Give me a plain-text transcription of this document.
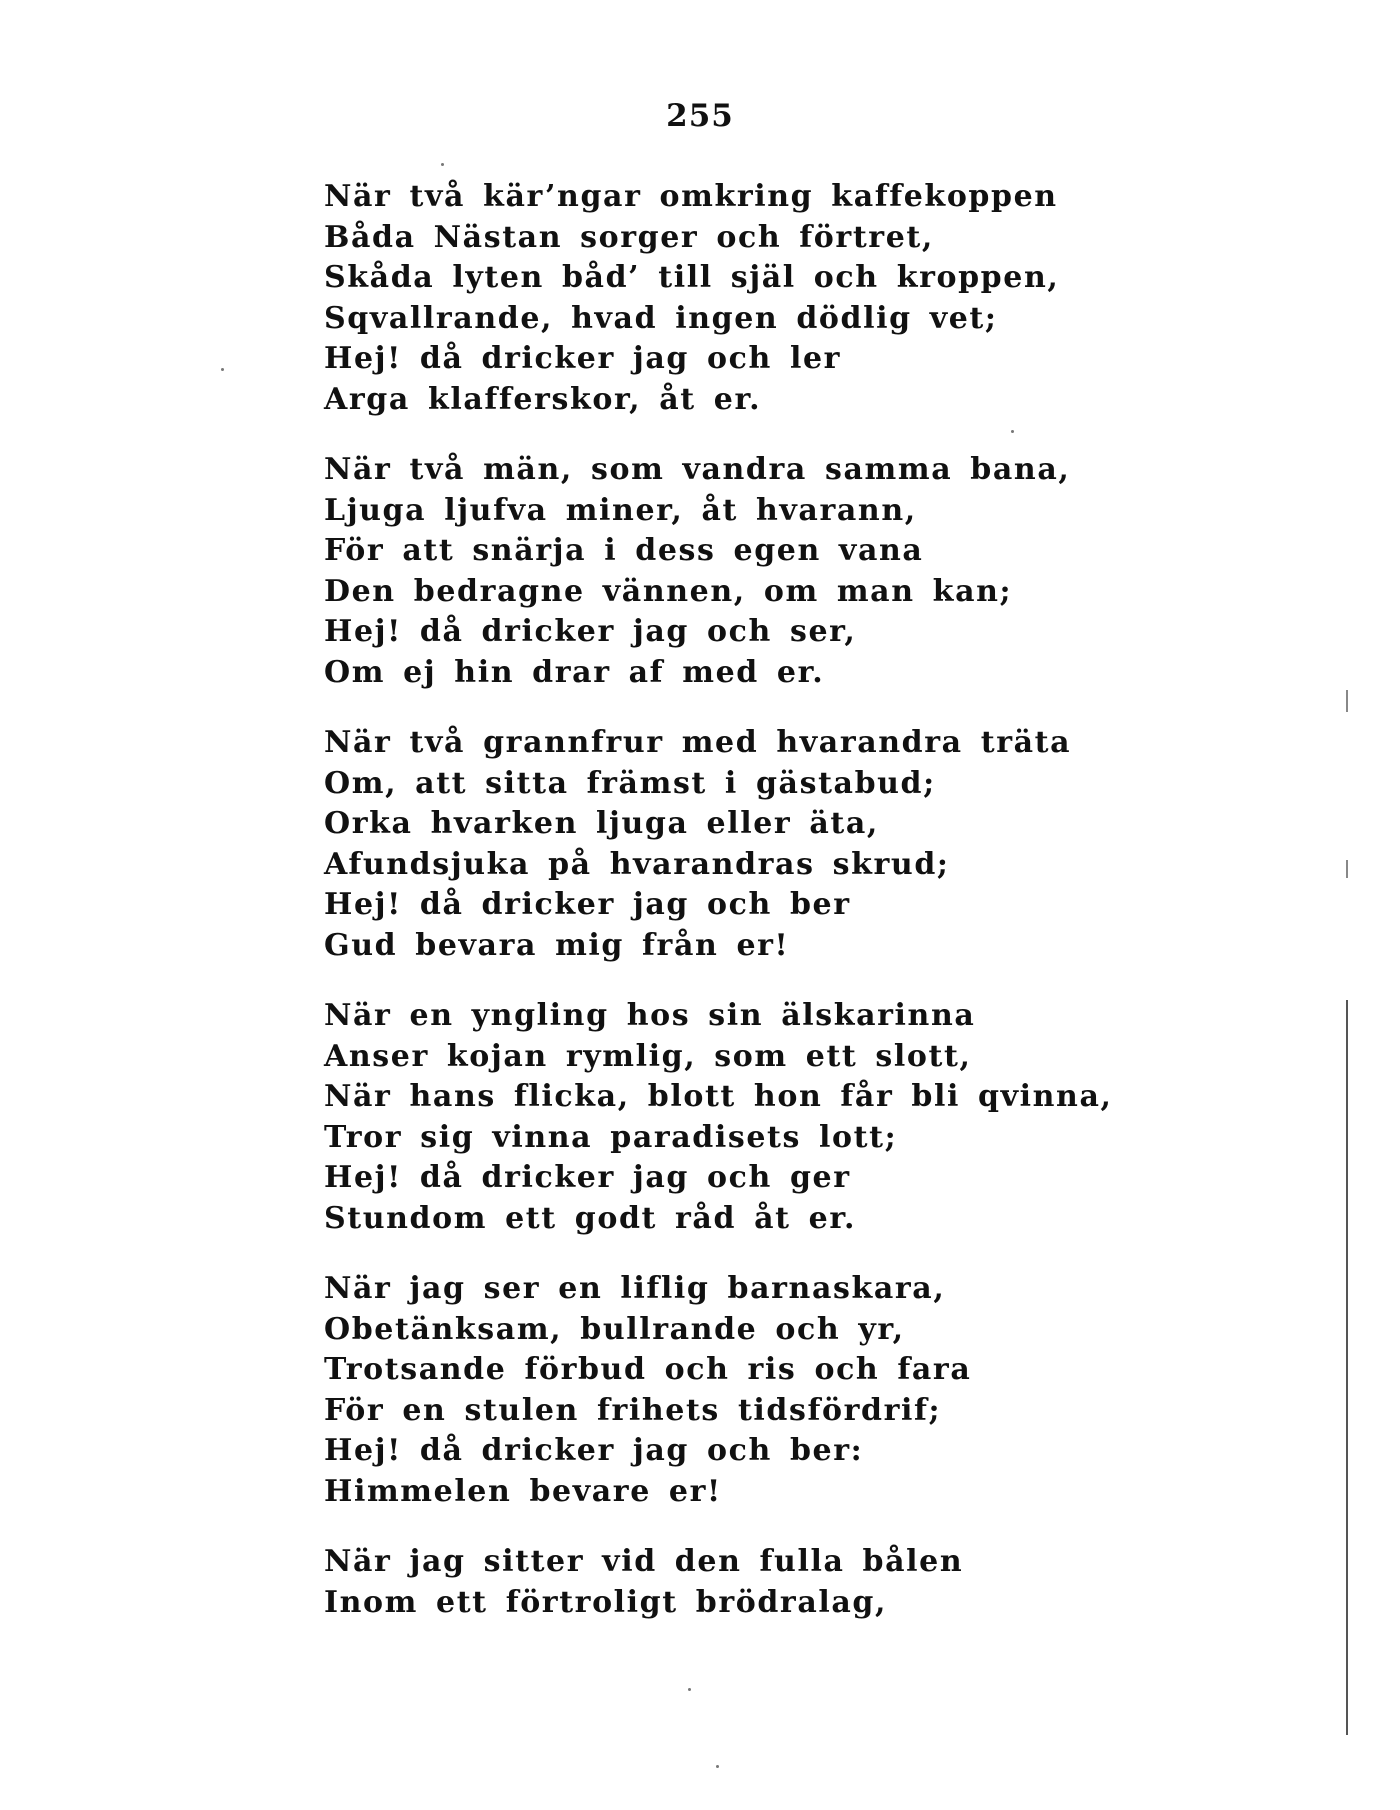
255
När två kär’ngar omkring kaffekoppen
Båda Nästan sorger och förtret,
Skåda lyten båd’ till själ och kroppen,
Sqvallrande, hvad ingen dödlig vet;
Hej! då dricker jag och ler
Arga klafferskor, åt er.
När två män, som vandra samma bana,
Ljuga ljufva miner, åt hvarann,
För att snärja i dess egen vana
Den bedragne vännen, om man kan;
Hej! då dricker jag och ser,
Om ej hin drar af med er.
När två grannfrur med hvarandra träta
Om, att sitta främst i gästabud;
Orka hvarken ljuga eller äta,
Afundsjuka på hvarandras skrud;
Hej! då dricker jag och ber
Gud bevara mig från er!
När en yngling hos sin älskarinna
Anser kojan rymlig, som ett slott,
När hans flicka, blott hon får bli qvinna,
Tror sig vinna paradisets lott;
Hej! då dricker jag och ger
Stundom ett godt råd åt er.
När jag ser en liflig barnaskara,
Obetänksam, bullrande och yr,
Trotsande förbud och ris och fara
För en stulen frihets tidsfördrif;
Hej! då dricker jag och ber:
Himmelen bevare er!
När jag sitter vid den fulla bålen
Inom ett förtroligt brödralag,
